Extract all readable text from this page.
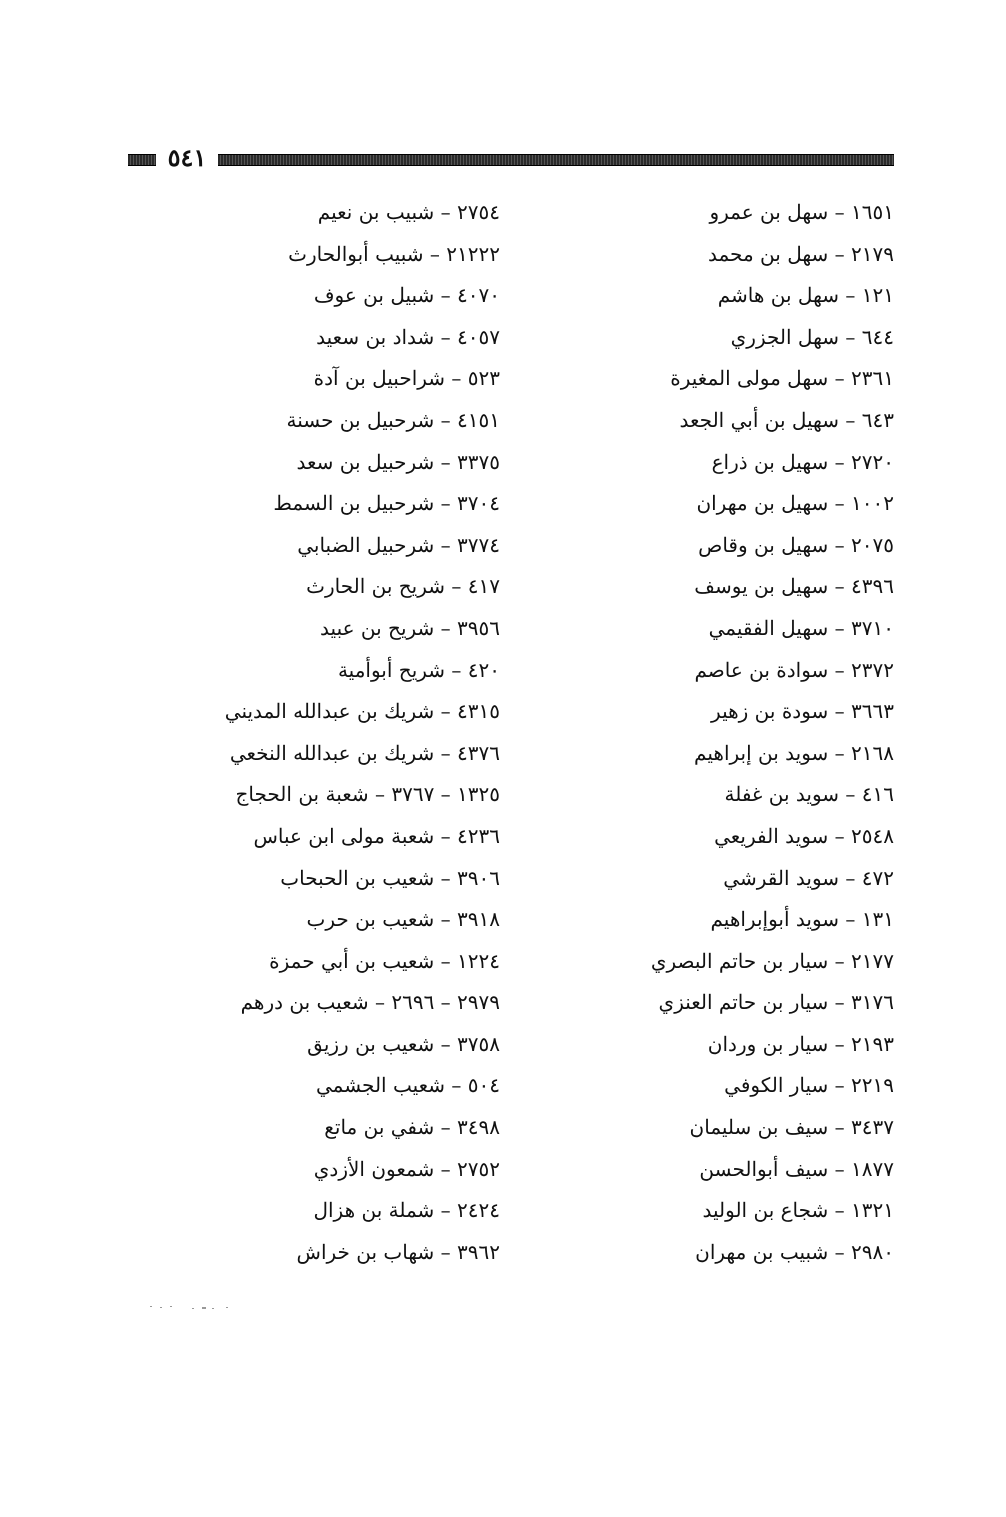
٥٤١
١٦٥١ – سهل بن عمرو
٢١٧٩ – سهل بن محمد
١٢١ – سهل بن هاشم
٦٤٤ – سهل الجزري
٢٣٦١ – سهل مولى المغيرة
٦٤٣ – سهيل بن أبي الجعد
٢٧٢٠ – سهيل بن ذراع
١٠٠٢ – سهيل بن مهران
٢٠٧٥ – سهيل بن وقاص
٤٣٩٦ – سهيل بن يوسف
٣٧١٠ – سهيل الفقيمي
٢٣٧٢ – سوادة بن عاصم
٣٦٦٣ – سودة بن زهير
٢١٦٨ – سويد بن إبراهيم
٤١٦ – سويد بن غفلة
٢٥٤٨ – سويد الفريعي
٤٧٢ – سويد القرشي
١٣١ – سويد أبوإبراهيم
٢١٧٧ – سيار بن حاتم البصري
٣١٧٦ – سيار بن حاتم العنزي
٢١٩٣ – سيار بن وردان
٢٢١٩ – سيار الكوفي
٣٤٣٧ – سيف بن سليمان
١٨٧٧ – سيف أبوالحسن
١٣٢١ – شجاع بن الوليد
٢٩٨٠ – شبيب بن مهران
٢٧٥٤ – شبيب بن نعيم
٢١٢٢٢ – شبيب أبوالحارث
٤٠٧٠ – شبيل بن عوف
٤٠٥٧ – شداد بن سعيد
٥٢٣ – شراحبيل بن آدة
٤١٥١ – شرحبيل بن حسنة
٣٣٧٥ – شرحبيل بن سعد
٣٧٠٤ – شرحبيل بن السمط
٣٧٧٤ – شرحبيل الضبابي
٤١٧ – شريح بن الحارث
٣٩٥٦ – شريح بن عبيد
٤٢٠ – شريح أبوأمية
٤٣١٥ – شريك بن عبدالله المديني
٤٣٧٦ – شريك بن عبدالله النخعي
١٣٢٥ – ٣٧٦٧ – شعبة بن الحجاج
٤٢٣٦ – شعبة مولى ابن عباس
٣٩٠٦ – شعيب بن الحبحاب
٣٩١٨ – شعيب بن حرب
١٢٢٤ – شعيب بن أبي حمزة
٢٩٧٩ – ٢٦٩٦ – شعيب بن درهم
٣٧٥٨ – شعيب بن رزيق
٥٠٤ – شعيب الجشمي
٣٤٩٨ – شفي بن ماتع
٢٧٥٢ – شمعون الأزدي
٢٤٢٤ – شملة بن هزال
٣٩٦٢ – شهاب بن خراش
